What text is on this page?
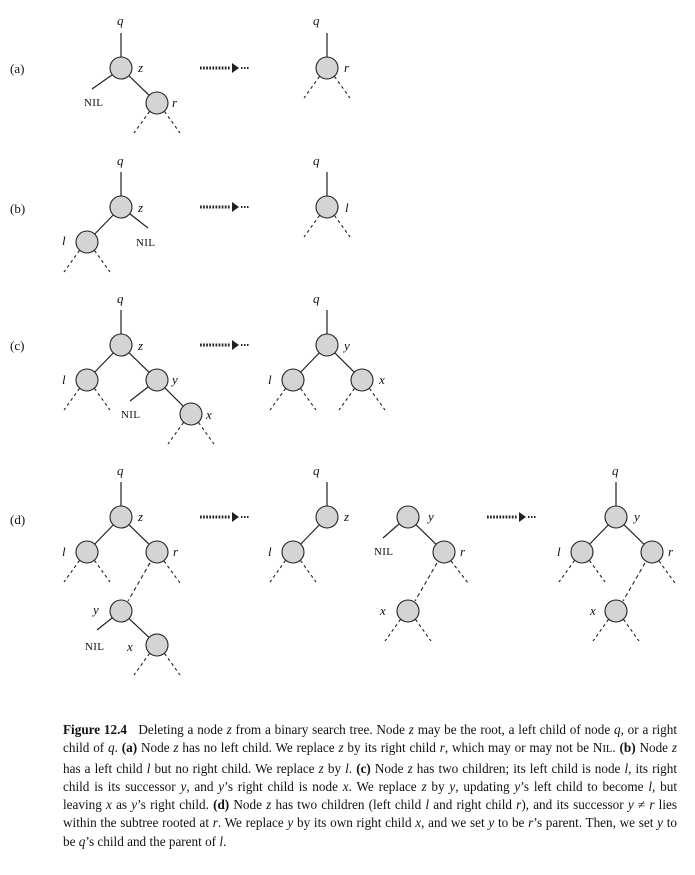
(a)
(b)
(c)
(d)
q
z
NIL	r
q
r
q
z
l	NIL
q
l
q
z
l	y
NIL	x
q
y
l	x
q
z
l	r
y
NIL x
q
z
l
y
NIL	r
x
q
y
l	r
x
Figure 12.4 Deleting a node z from a binary search tree. Node z may be the root, a left child of node q, or a right child of q. (a) Node z has no left child. We replace z by its right child r, which may or may not be NIL. (b) Node z has a left child l but no right child. We replace z by l. (c) Node z has two children; its left child is node l, its right child is its successor y, and y’s right child is node x. We replace z by y, updating y’s left child to become l, but leaving x as y’s right child. (d) Node z has two children (left child l and right child r), and its successor y ≠ r lies within the subtree rooted at r. We replace y by its own right child x, and we set y to be r’s parent. Then, we set y to be q’s child and the parent of l.
